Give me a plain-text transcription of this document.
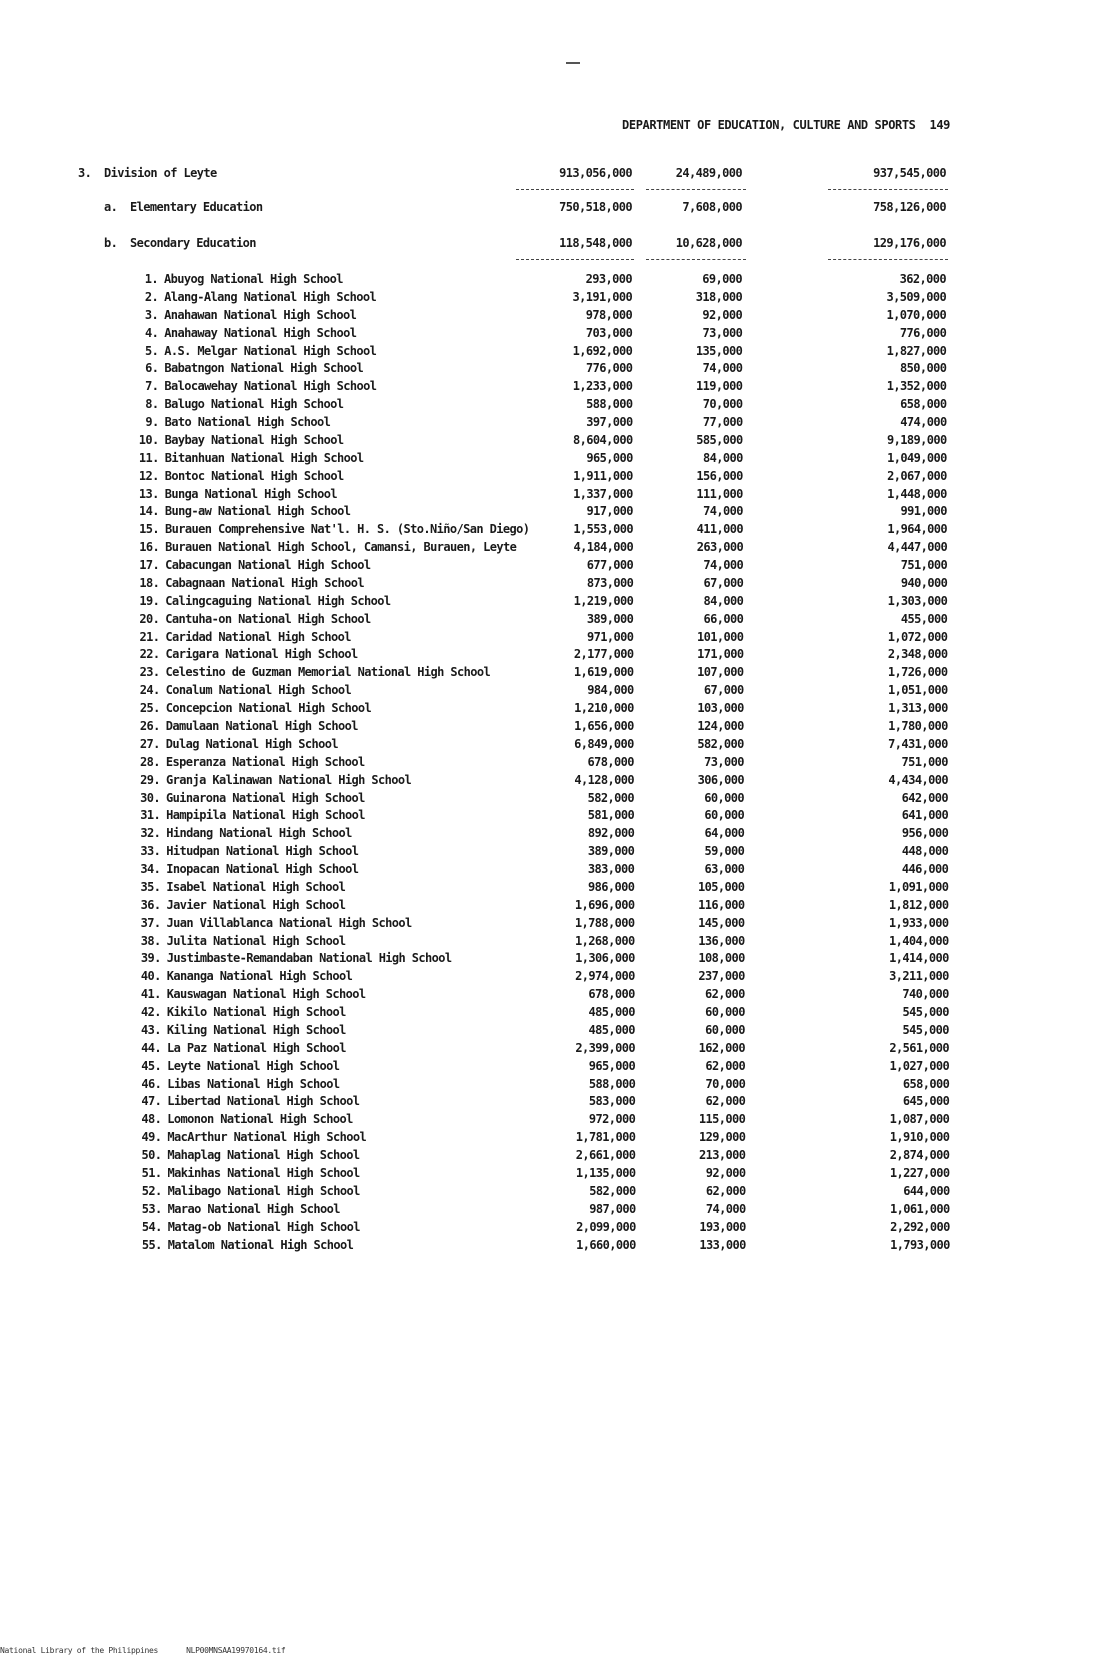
DEPARTMENT OF EDUCATION, CULTURE AND SPORTS 149
3. Division of Leyte	913,056,000	24,489,000	937,545,000
a. Elementary Education	750,518,000	7,608,000	758,126,000
b. Secondary Education	118,548,000	10,628,000	129,176,000
1. Abuyog National High School	293,000	69,000	362,000
2. Alang-Alang National High School	3,191,000	318,000	3,509,000
3. Anahawan National High School	978,000	92,000	1,070,000
4. Anahaway National High School	703,000	73,000	776,000
5. A.S. Melgar National High School	1,692,000	135,000	1,827,000
6. Babatngon National High School	776,000	74,000	850,000
7. Balocawehay National High School	1,233,000	119,000	1,352,000
8. Balugo National High School	588,000	70,000	658,000
9. Bato National High School	397,000	77,000	474,000
10. Baybay National High School	8,604,000	585,000	9,189,000
11. Bitanhuan National High School	965,000	84,000	1,049,000
12. Bontoc National High School	1,911,000	156,000	2,067,000
13. Bunga National High School	1,337,000	111,000	1,448,000
14. Bung-aw National High School	917,000	74,000	991,000
15. Burauen Comprehensive Nat'l. H. S. (Sto.Niño/San Diego)	1,553,000	411,000	1,964,000
16. Burauen National High School, Camansi, Burauen, Leyte	4,184,000	263,000	4,447,000
17. Cabacungan National High School	677,000	74,000	751,000
18. Cabagnaan National High School	873,000	67,000	940,000
19. Calingcaguing National High School	1,219,000	84,000	1,303,000
20. Cantuha-on National High School	389,000	66,000	455,000
21. Caridad National High School	971,000	101,000	1,072,000
22. Carigara National High School	2,177,000	171,000	2,348,000
23. Celestino de Guzman Memorial National High School	1,619,000	107,000	1,726,000
24. Conalum National High School	984,000	67,000	1,051,000
25. Concepcion National High School	1,210,000	103,000	1,313,000
26. Damulaan National High School	1,656,000	124,000	1,780,000
27. Dulag National High School	6,849,000	582,000	7,431,000
28. Esperanza National High School	678,000	73,000	751,000
29. Granja Kalinawan National High School	4,128,000	306,000	4,434,000
30. Guinarona National High School	582,000	60,000	642,000
31. Hampipila National High School	581,000	60,000	641,000
32. Hindang National High School	892,000	64,000	956,000
33. Hitudpan National High School	389,000	59,000	448,000
34. Inopacan National High School	383,000	63,000	446,000
35. Isabel National High School	986,000	105,000	1,091,000
36. Javier National High School	1,696,000	116,000	1,812,000
37. Juan Villablanca National High School	1,788,000	145,000	1,933,000
38. Julita National High School	1,268,000	136,000	1,404,000
39. Justimbaste-Remandaban National High School	1,306,000	108,000	1,414,000
40. Kananga National High School	2,974,000	237,000	3,211,000
41. Kauswagan National High School	678,000	62,000	740,000
42. Kikilo National High School	485,000	60,000	545,000
43. Kiling National High School	485,000	60,000	545,000
44. La Paz National High School	2,399,000	162,000	2,561,000
45. Leyte National High School	965,000	62,000	1,027,000
46. Libas National High School	588,000	70,000	658,000
47. Libertad National High School	583,000	62,000	645,000
48. Lomonon National High School	972,000	115,000	1,087,000
49. MacArthur National High School	1,781,000	129,000	1,910,000
50. Mahaplag National High School	2,661,000	213,000	2,874,000
51. Makinhas National High School	1,135,000	92,000	1,227,000
52. Malibago National High School	582,000	62,000	644,000
53. Marao National High School	987,000	74,000	1,061,000
54. Matag-ob National High School	2,099,000	193,000	2,292,000
55. Matalom National High School	1,660,000	133,000	1,793,000
National Library of the Philippines	NLP00MNSAA19970164.tif
